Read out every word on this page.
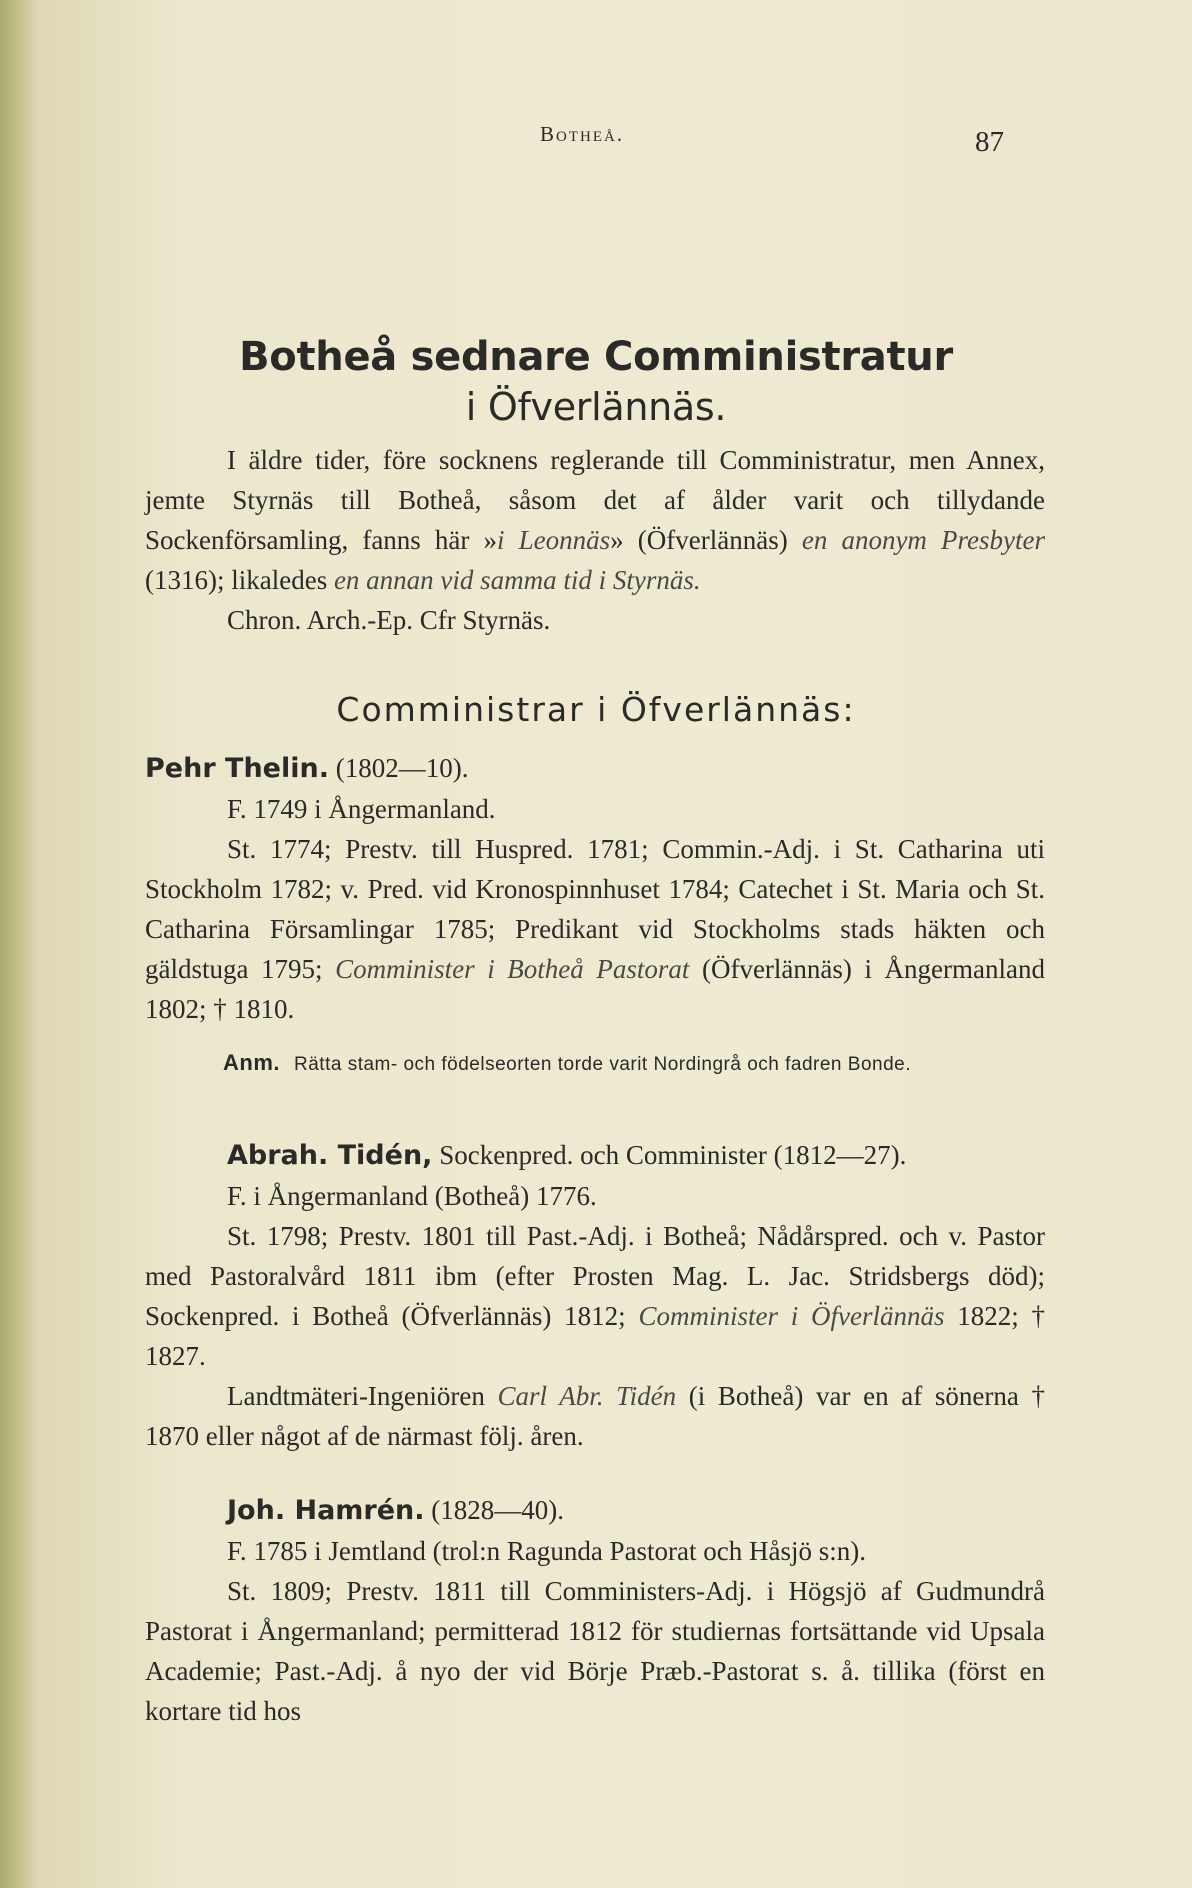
Botheå.	87
Botheå sednare Comministratur
i Öfverlännäs.

I äldre tider, före socknens reglerande till Comministratur, men Annex, jemte Styrnäs till Botheå, såsom det af ålder varit och tillydande Sockenförsamling, fanns här »i Leonnäs» (Öfverlännäs) en anonym Presbyter (1316); likaledes en annan vid samma tid i Styrnäs.

Chron. Arch.-Ep. Cfr Styrnäs.

Comministrar i Öfverlännäs:

Pehr Thelin. (1802—10).

F. 1749 i Ångermanland.

St. 1774; Prestv. till Huspred. 1781; Commin.-Adj. i St. Catharina uti Stockholm 1782; v. Pred. vid Kronospinnhuset 1784; Catechet i St. Maria och St. Catharina Församlingar 1785; Predikant vid Stockholms stads häkten och gäldstuga 1795; Comminister i Botheå Pastorat (Öfverlännäs) i Ångermanland 1802; † 1810.

Anm. Rätta stam- och födelseorten torde varit Nordingrå och fadren Bonde.

Abrah. Tidén, Sockenpred. och Comminister (1812—27).

F. i Ångermanland (Botheå) 1776.

St. 1798; Prestv. 1801 till Past.-Adj. i Botheå; Nådårspred. och v. Pastor med Pastoralvård 1811 ibm (efter Prosten Mag. L. Jac. Stridsbergs död); Sockenpred. i Botheå (Öfverlännäs) 1812; Comminister i Öfverlännäs 1822; † 1827.

Landtmäteri-Ingeniören Carl Abr. Tidén (i Botheå) var en af sönerna † 1870 eller något af de närmast följ. åren.

Joh. Hamrén. (1828—40).

F. 1785 i Jemtland (trol:n Ragunda Pastorat och Håsjö s:n).

St. 1809; Prestv. 1811 till Comministers-Adj. i Högsjö af Gudmundrå Pastorat i Ångermanland; permitterad 1812 för studiernas fortsättande vid Upsala Academie; Past.-Adj. å nyo der vid Börje Præb.-Pastorat s. å. tillika (först en kortare tid hos
